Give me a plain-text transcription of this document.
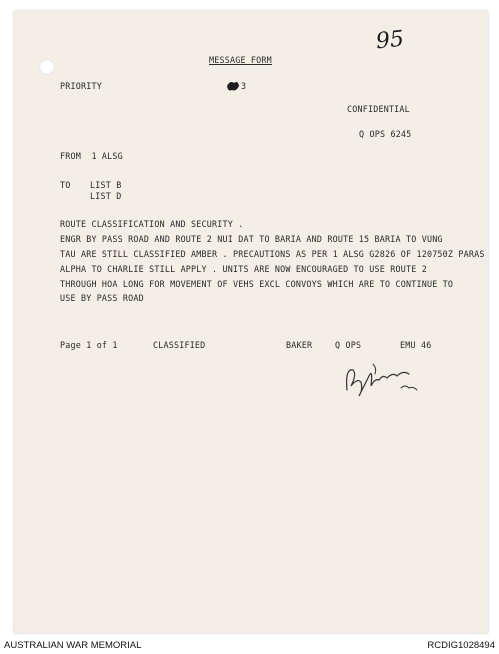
95
MESSAGE FORM
PRIORITY	3
CONFIDENTIAL
Q OPS 6245
FROM  1 ALSG
TO LIST B
LIST D
ROUTE CLASSIFICATION AND SECURITY .
ENGR BY PASS ROAD AND ROUTE 2 NUI DAT TO BARIA AND ROUTE 15 BARIA TO VUNG
TAU ARE STILL CLASSIFIED AMBER . PRECAUTIONS AS PER 1 ALSG G2826 OF 120750Z PARAS
ALPHA TO CHARLIE STILL APPLY . UNITS ARE NOW ENCOURAGED TO USE ROUTE 2
THROUGH HOA LONG FOR MOVEMENT OF VEHS EXCL CONVOYS WHICH ARE TO CONTINUE TO
USE BY PASS ROAD
Page 1 of 1	CLASSIFIED	BAKER	Q OPS	EMU 46
AUSTRALIAN WAR MEMORIAL	RCDIG1028494
